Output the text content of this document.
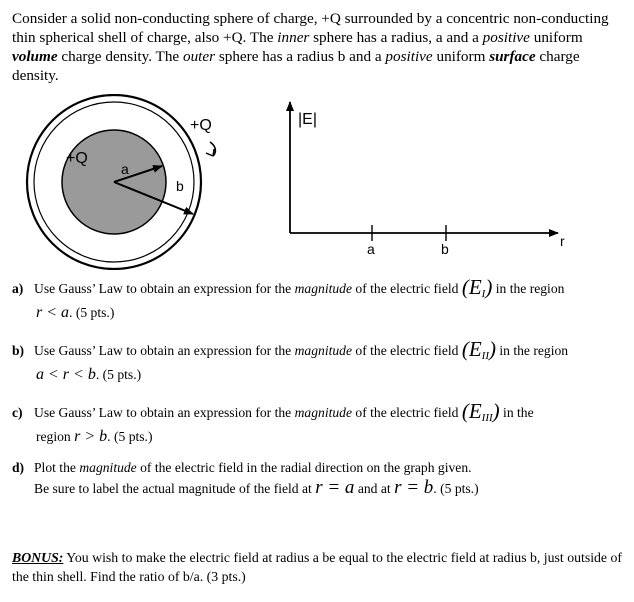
Consider a solid non-conducting sphere of charge, +Q surrounded by a concentric non-conducting thin spherical shell of charge, also +Q. The inner sphere has a radius, a and a positive uniform volume charge density. The outer sphere has a radius b and a positive uniform surface charge density.
+Q
a
b
+Q	|E|
r
a	b
a) Use Gauss’ Law to obtain an expression for the magnitude of the electric field $(E_I)$ in the region
r < a. (5 pts.)
b) Use Gauss’ Law to obtain an expression for the magnitude of the electric field $(E_{II})$ in the region
a < r < b. (5 pts.)
c) Use Gauss’ Law to obtain an expression for the magnitude of the electric field $(E_{III})$ in the
region r > b. (5 pts.)
d) Plot the magnitude of the electric field in the radial direction on the graph given.
Be sure to label the actual magnitude of the field at r = a and at r = b. (5 pts.)
BONUS: You wish to make the electric field at radius a be equal to the electric field at radius b, just outside of the thin shell. Find the ratio of b/a. (3 pts.)
